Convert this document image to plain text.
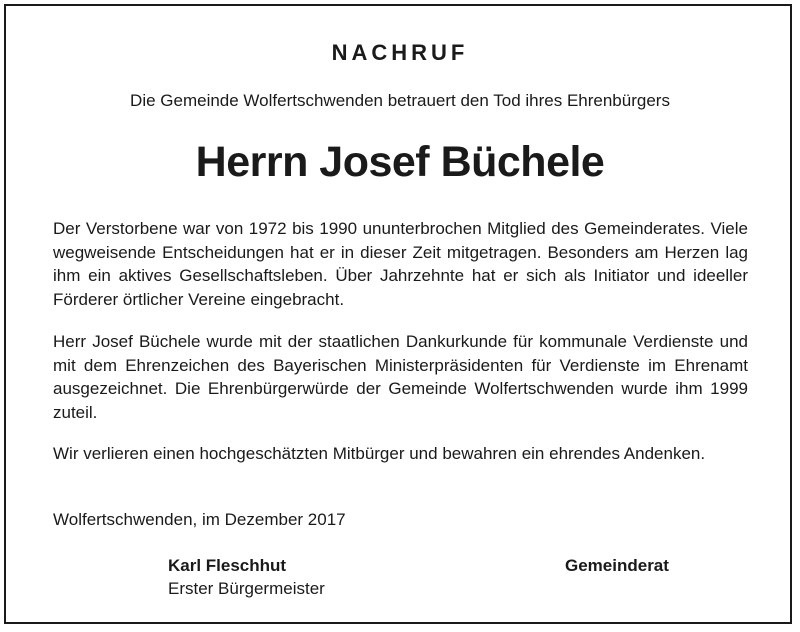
NACHRUF
Die Gemeinde Wolfertschwenden betrauert den Tod ihres Ehrenbürgers
Herrn Josef Büchele
Der Verstorbene war von 1972 bis 1990 ununterbrochen Mitglied des Gemeinderates. Viele wegweisende Entscheidungen hat er in dieser Zeit mitgetragen. Besonders am Herzen lag ihm ein aktives Gesellschaftsleben. Über Jahrzehnte hat er sich als Initiator und ideeller Förderer örtlicher Vereine eingebracht.
Herr Josef Büchele wurde mit der staatlichen Dankurkunde für kommunale Verdienste und mit dem Ehrenzeichen des Bayerischen Ministerpräsidenten für Verdienste im Ehrenamt ausgezeichnet. Die Ehrenbürgerwürde der Gemeinde Wolfertschwenden wurde ihm 1999 zuteil.
Wir verlieren einen hochgeschätzten Mitbürger und bewahren ein ehrendes Andenken.
Wolfertschwenden, im Dezember 2017
Karl Fleschhut
Erster Bürgermeister
Gemeinderat
